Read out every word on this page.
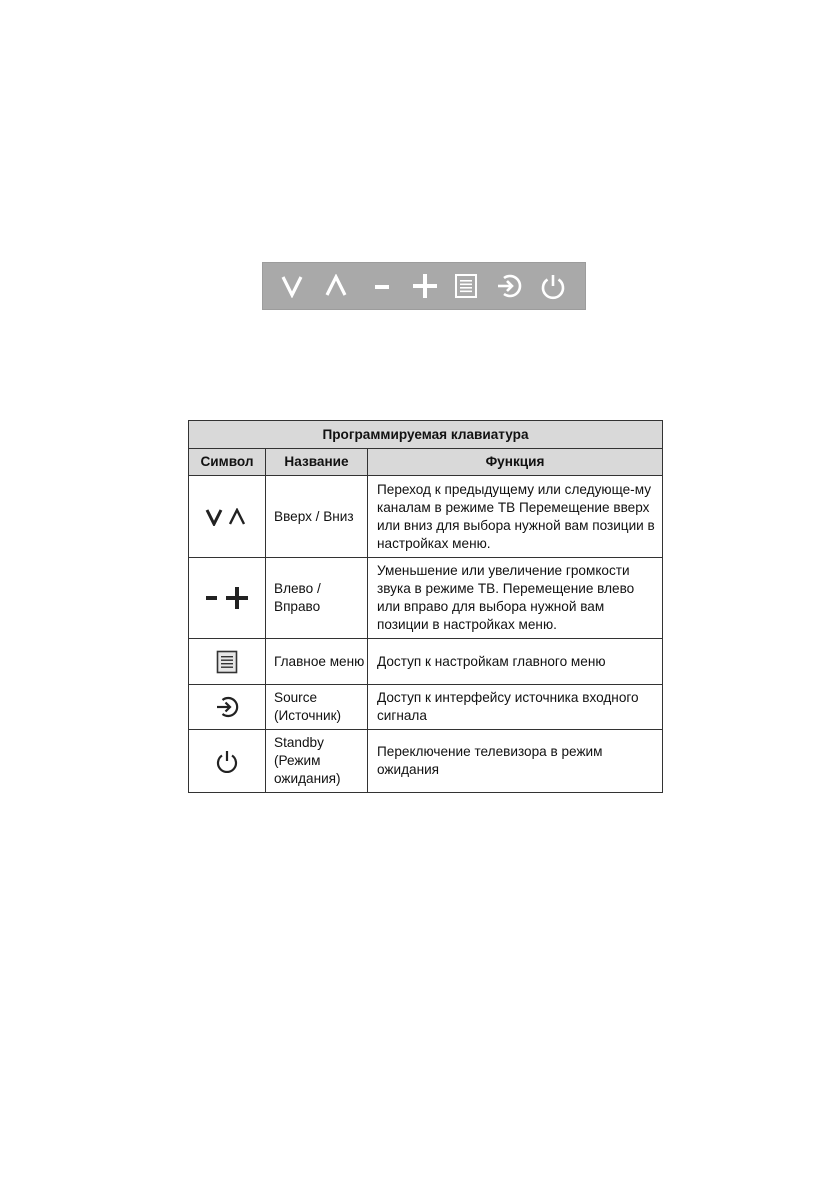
Программируемая клавиатура		
Символ	Название	Функция

	Вверх / Вниз	Переход к предыдущему или следующе-му каналам в режиме ТВ Перемещение вверх или вниз для выбора нужной вам позиции в настройках меню.

	Влево / Вправо	Уменьшение или увеличение громкости звука в режиме ТВ. Перемещение влево или вправо для выбора нужной вам позиции в настройках меню.

	Главное меню	Доступ к настройкам главного меню

	Source (Источник)	Доступ к интерфейсу источника входного сигнала

	Standby (Режим ожидания)	Переключение телевизора в режим ожидания
